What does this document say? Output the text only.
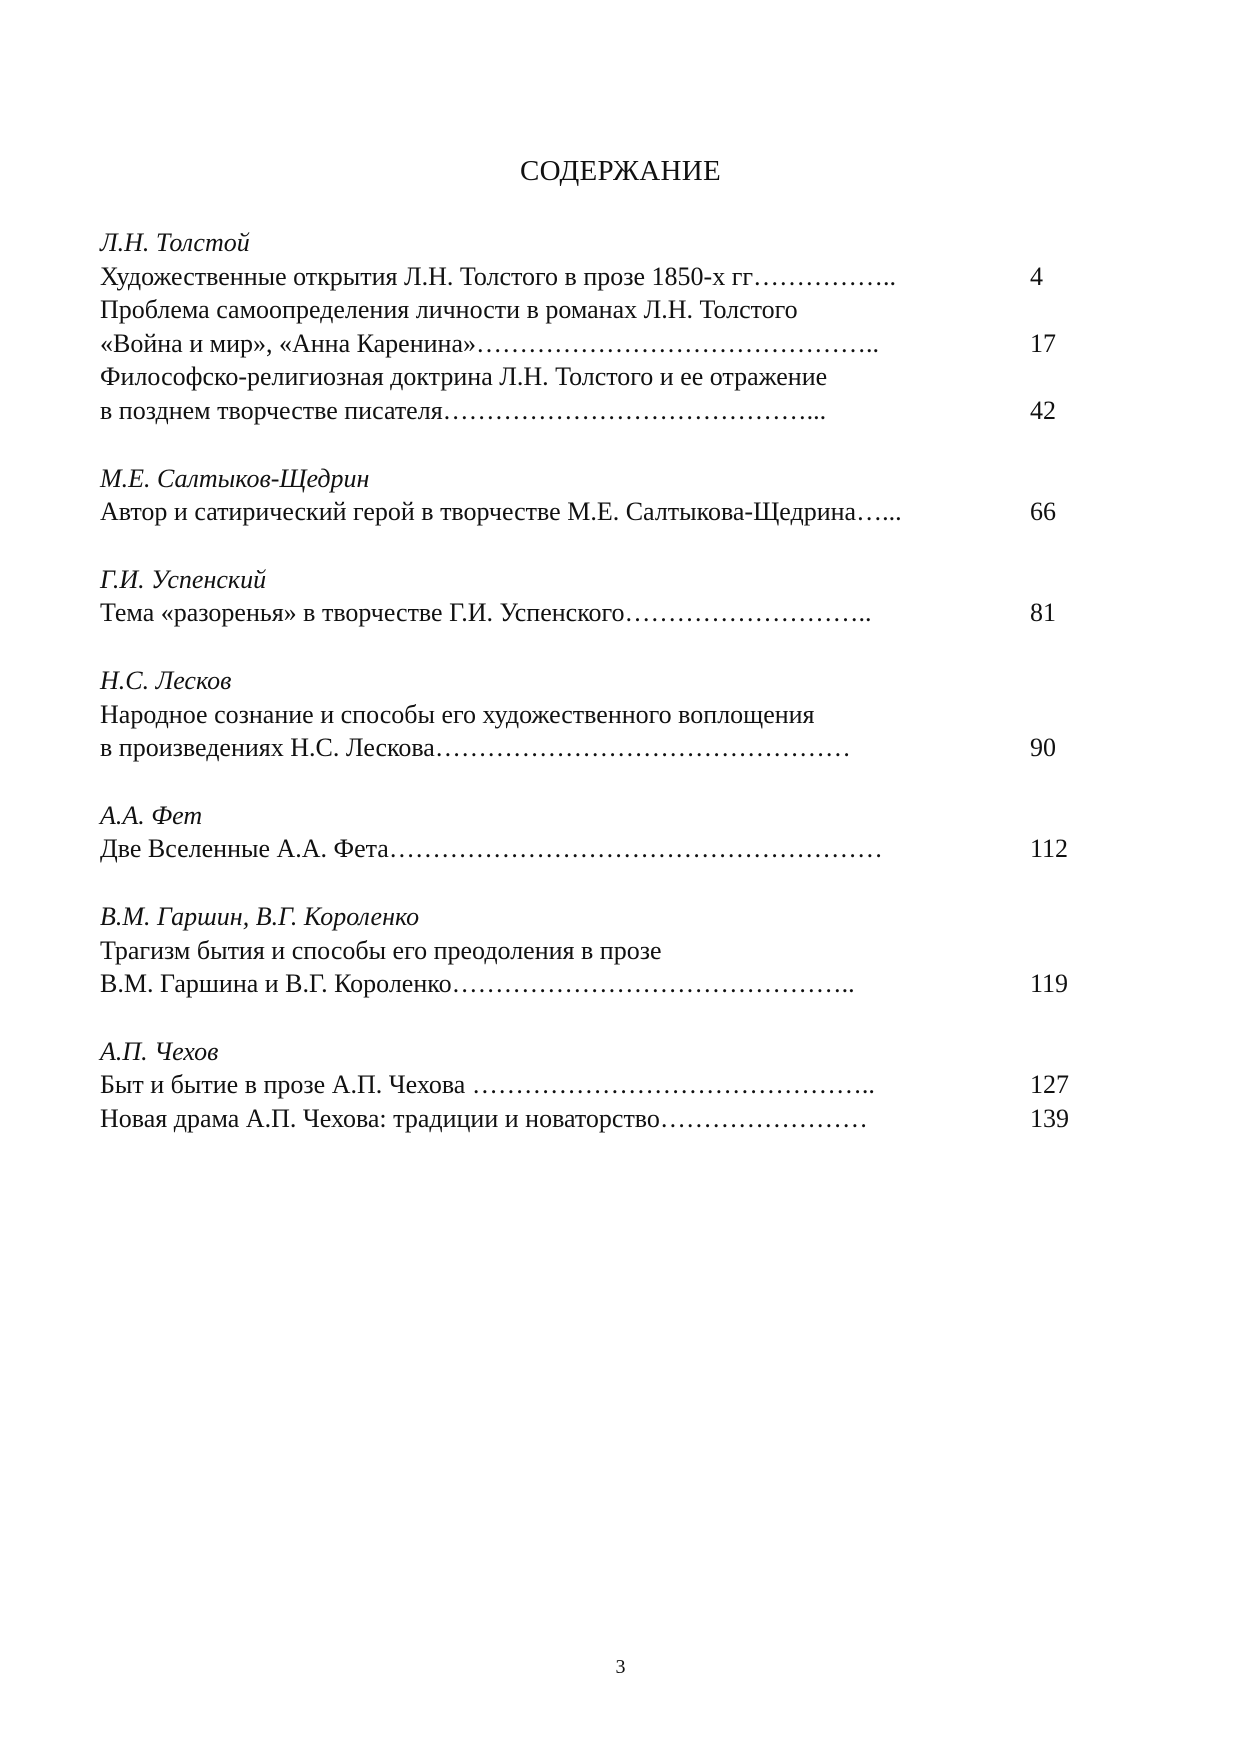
СОДЕРЖАНИЕ
Л.Н. Толстой
Художественные открытия Л.Н. Толстого в прозе 1850-х гг……………..	4
Проблема самоопределения личности в романах Л.Н. Толстого
«Война и мир», «Анна Каренина»………………………………………..	17
Философско-религиозная доктрина Л.Н. Толстого и ее отражение
в позднем творчестве писателя……………………………………...	42
М.Е. Салтыков-Щедрин
Автор и сатирический герой в творчестве М.Е. Салтыкова-Щедрина…...	66
Г.И. Успенский
Тема «разоренья» в творчестве Г.И. Успенского………………………..	81
Н.С. Лесков
Народное сознание и способы его художественного воплощения
в произведениях Н.С. Лескова…………………………………………	90
А.А. Фет
Две Вселенные А.А. Фета…………………………………………………	112
В.М. Гаршин, В.Г. Короленко
Трагизм бытия и способы его преодоления в прозе
В.М. Гаршина и В.Г. Короленко………………………………………..	119
А.П. Чехов
Быт и бытие в прозе А.П. Чехова ………………………………………..	127
Новая драма А.П. Чехова: традиции и новаторство……………………	139
3
